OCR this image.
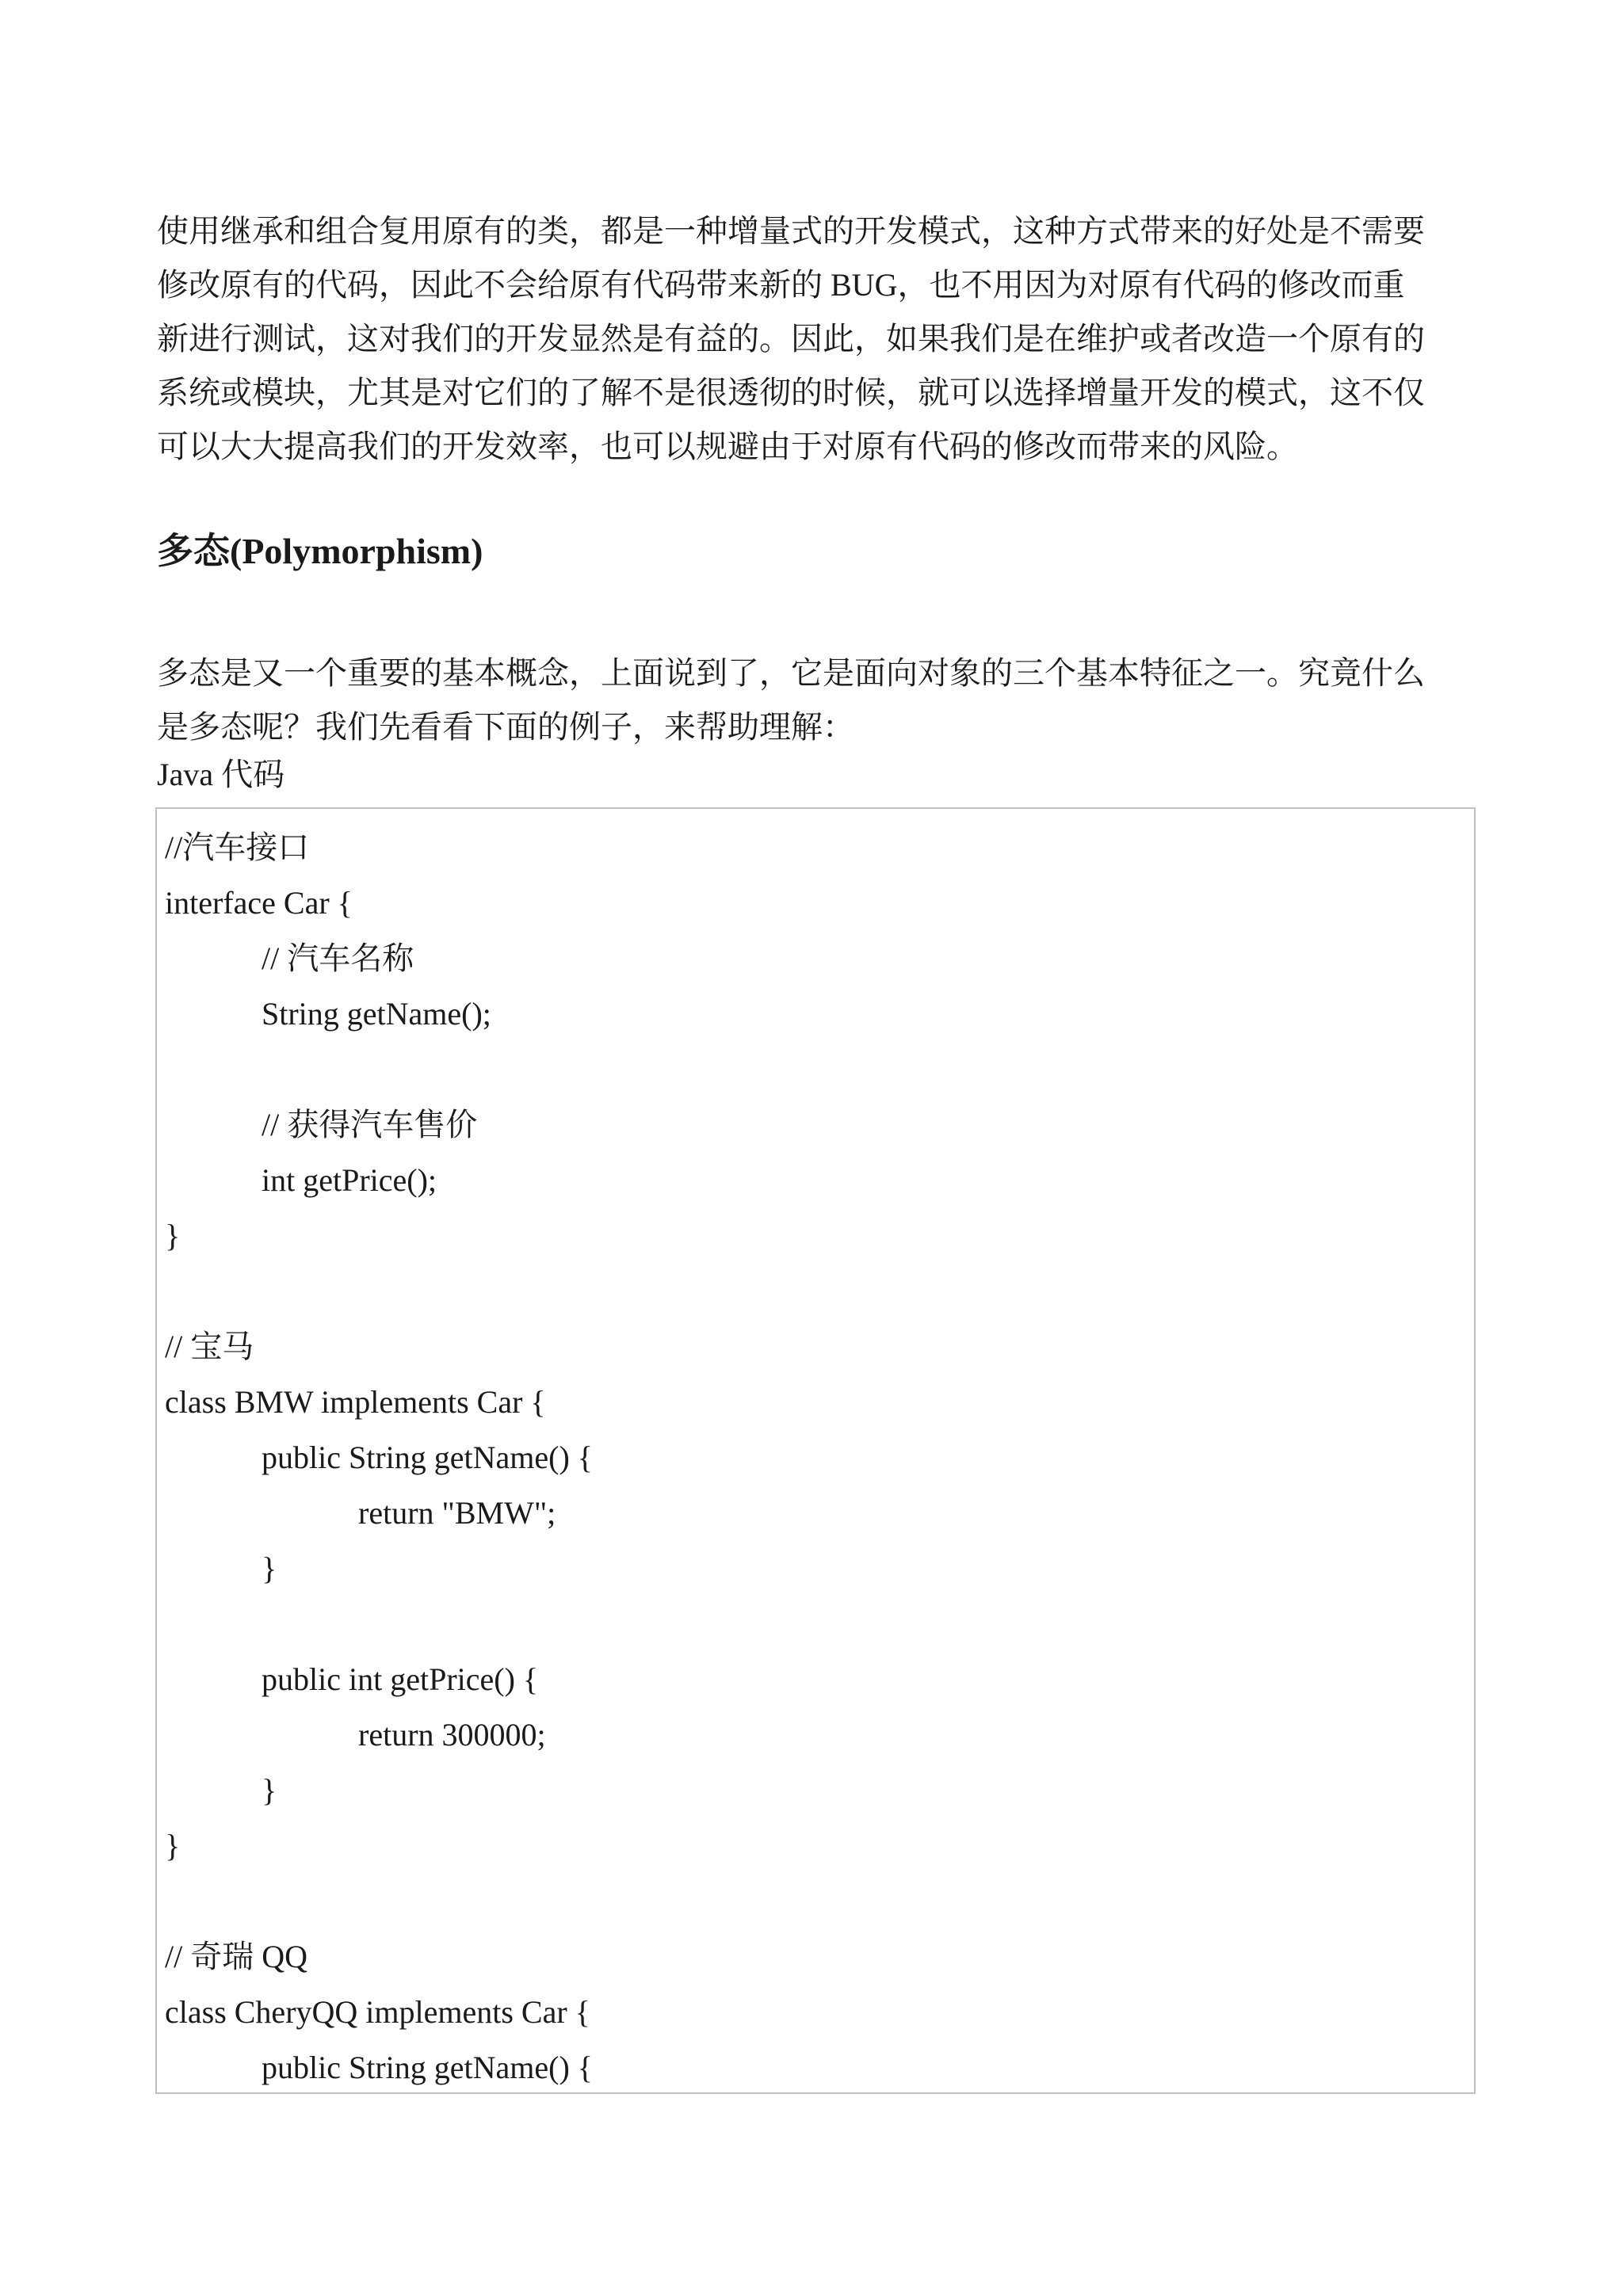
使用继承和组合复用原有的类，都是一种增量式的开发模式，这种方式带来的好处是不需要
修改原有的代码，因此不会给原有代码带来新的 BUG，也不用因为对原有代码的修改而重
新进行测试，这对我们的开发显然是有益的。因此，如果我们是在维护或者改造一个原有的
系统或模块，尤其是对它们的了解不是很透彻的时候，就可以选择增量开发的模式，这不仅
可以大大提高我们的开发效率，也可以规避由于对原有代码的修改而带来的风险。
多态(Polymorphism)
多态是又一个重要的基本概念，上面说到了，它是面向对象的三个基本特征之一。究竟什么
是多态呢？我们先看看下面的例子，来帮助理解：
Java 代码
//汽车接口
interface Car {
// 汽车名称
String getName();
// 获得汽车售价
int getPrice();
}
// 宝马
class BMW implements Car {
public String getName() {
return "BMW";
}
public int getPrice() {
return 300000;
}
}
// 奇瑞 QQ
class CheryQQ implements Car {
public String getName() {
